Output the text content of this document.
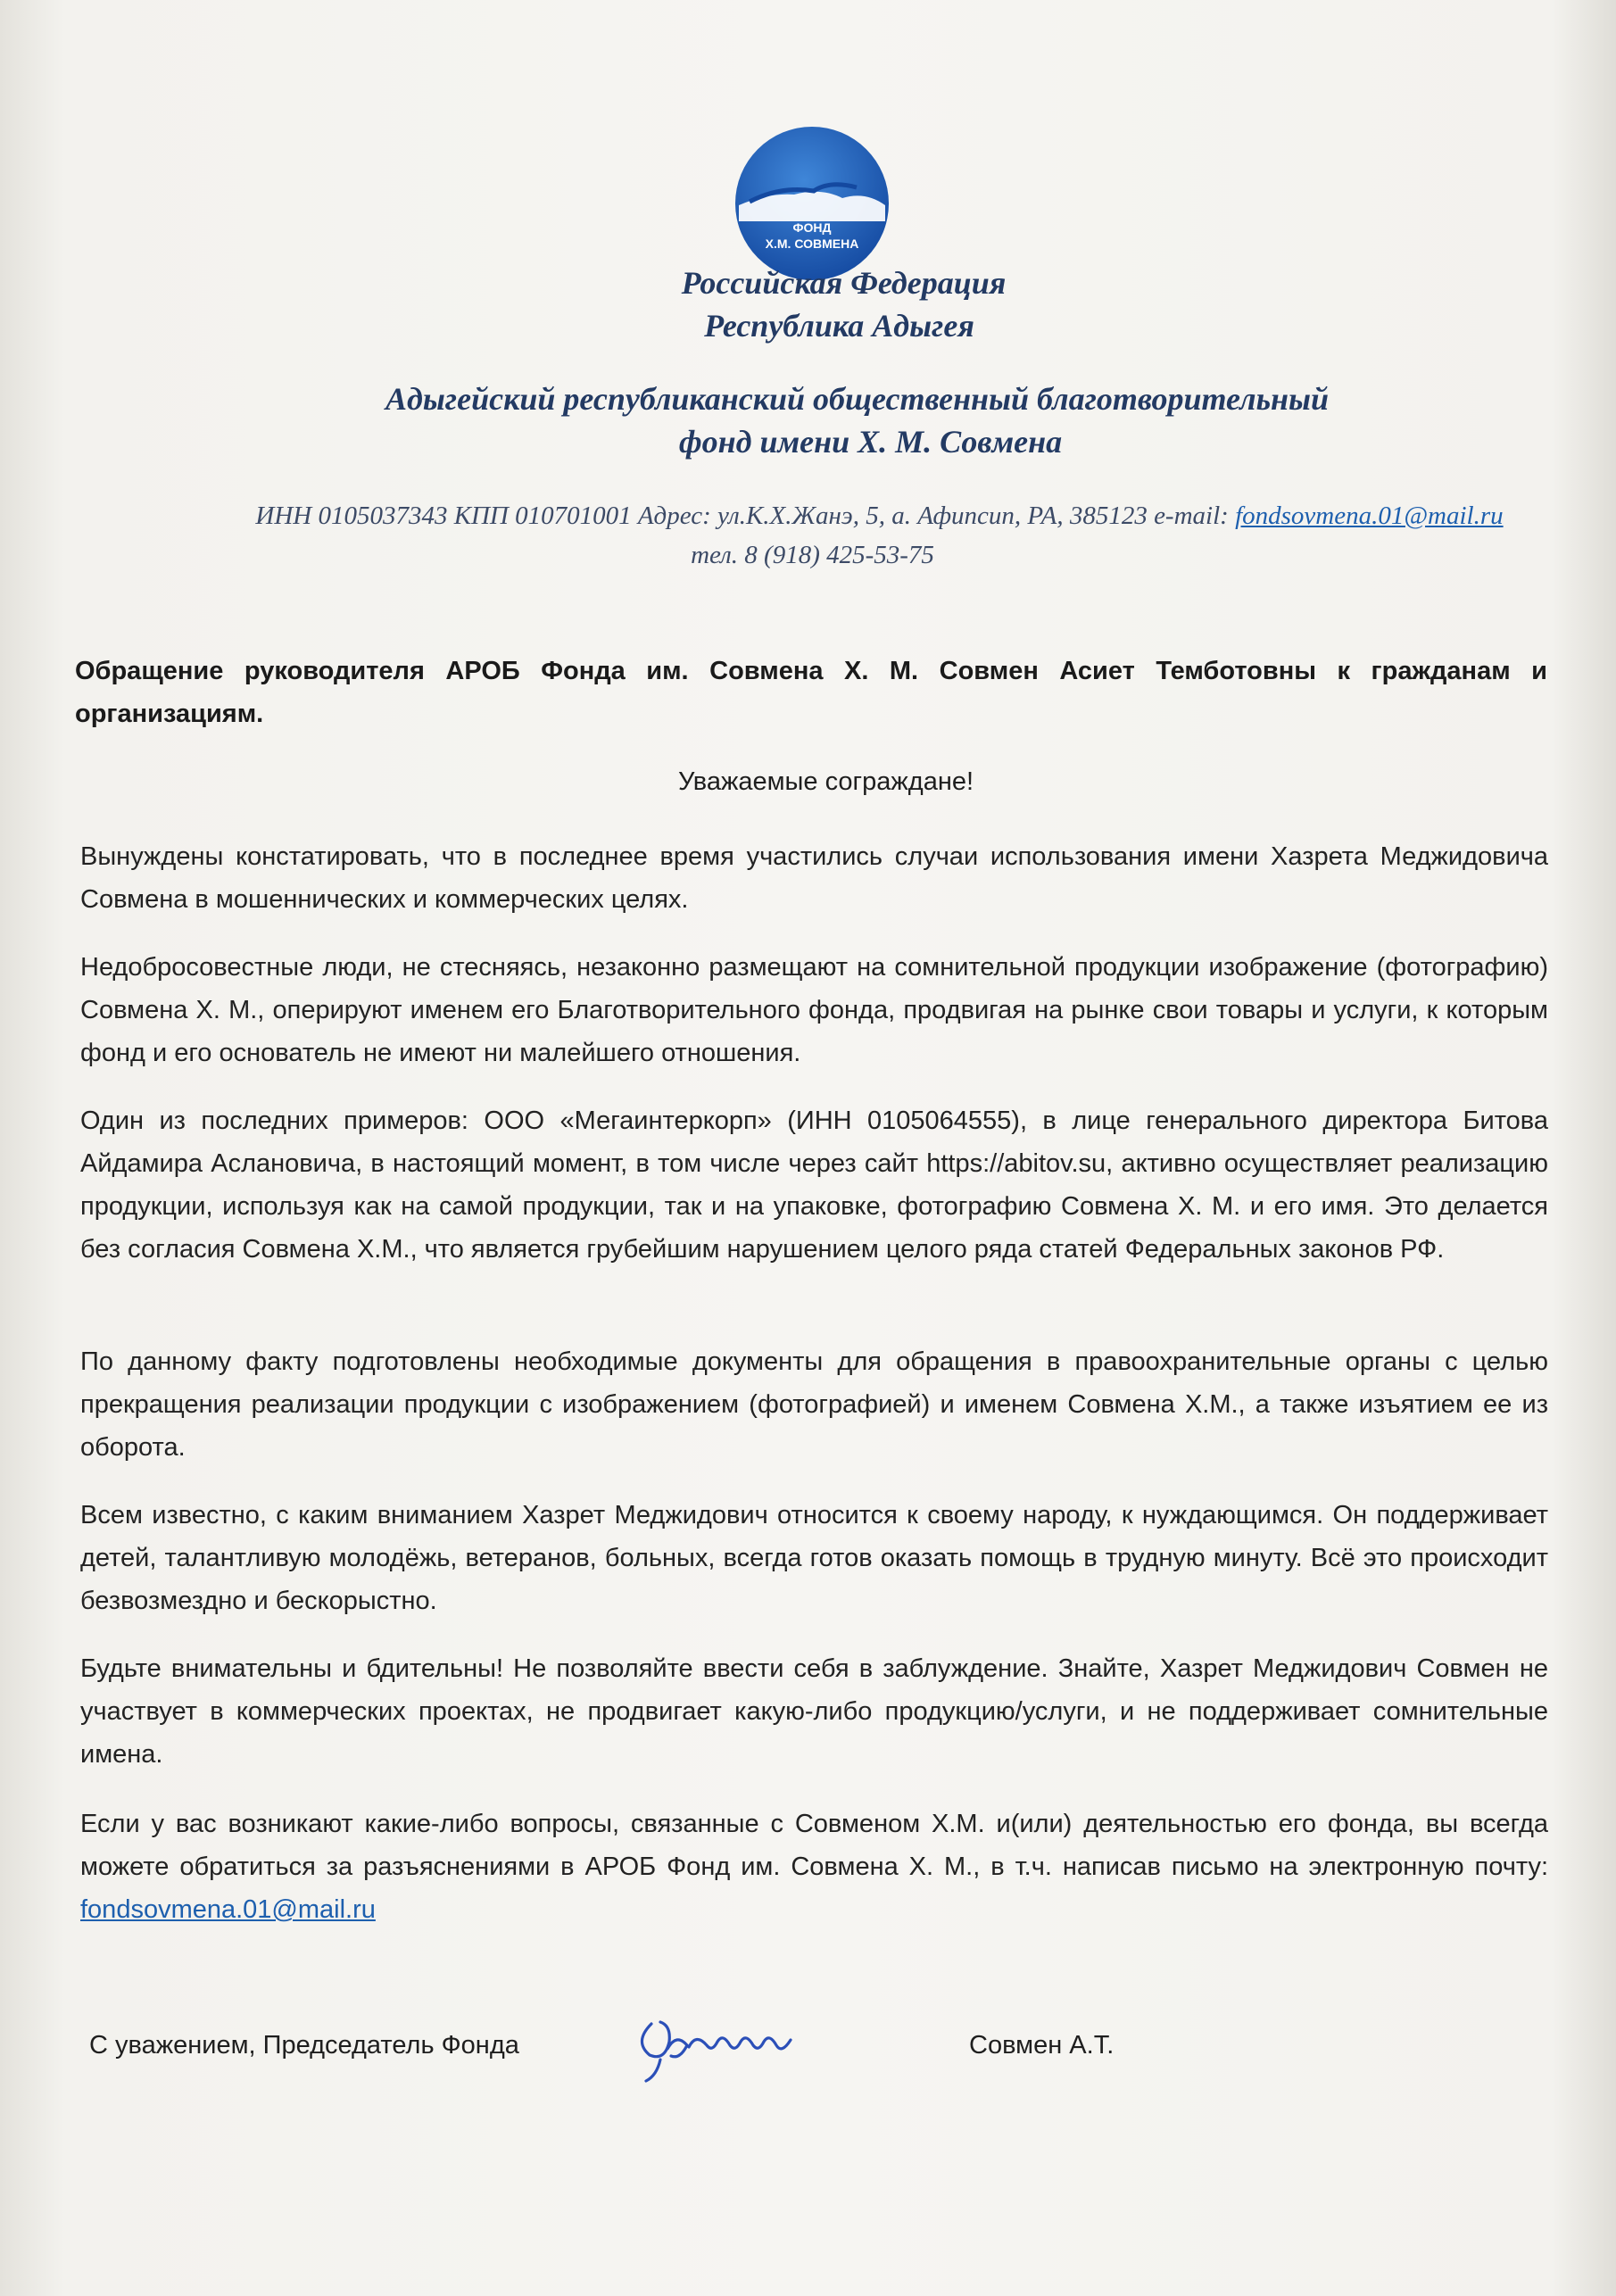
ФОНД
Х.М. СОВМЕНА
Российская Федерация
Республика Адыгея
Адыгейский республиканский общественный благотворительный
фонд имени Х. М. Совмена
ИНН 0105037343 КПП 010701001 Адрес: ул.К.Х.Жанэ, 5, а. Афипсип, РА, 385123 e-mail: fondsovmena.01@mail.ru
тел. 8 (918) 425-53-75
Обращение руководителя АРОБ Фонда им. Совмена Х. М. Совмен Асиет Темботовны к гражданам и организациям.
Уважаемые сограждане!
Вынуждены констатировать, что в последнее время участились случаи использования имени Хазрета Меджидовича Совмена в мошеннических и коммерческих целях.
Недобросовестные люди, не стесняясь, незаконно размещают на сомнительной продукции изображение (фотографию) Совмена Х. М., оперируют именем его Благотворительного фонда, продвигая на рынке свои товары и услуги, к которым фонд и его основатель не имеют ни малейшего отношения.
Один из последних примеров: ООО «Мегаинтеркорп» (ИНН 0105064555), в лице генерального директора Битова Айдамира Аслановича, в настоящий момент, в том числе через сайт https://abitov.su, активно осуществляет реализацию продукции, используя как на самой продукции, так и на упаковке, фотографию Совмена Х. М. и его имя. Это делается без согласия Совмена Х.М., что является грубейшим нарушением целого ряда статей Федеральных законов РФ.
По данному факту подготовлены необходимые документы для обращения в правоохранительные органы с целью прекращения реализации продукции с изображением (фотографией) и именем Совмена Х.М., а также изъятием ее из оборота.
Всем известно, с каким вниманием Хазрет Меджидович относится к своему народу, к нуждающимся. Он поддерживает детей, талантливую молодёжь, ветеранов, больных, всегда готов оказать помощь в трудную минуту. Всё это происходит безвозмездно и бескорыстно.
Будьте внимательны и бдительны! Не позволяйте ввести себя в заблуждение. Знайте, Хазрет Меджидович Совмен не участвует в коммерческих проектах, не продвигает какую-либо продукцию/услуги, и не поддерживает сомнительные имена.
Если у вас возникают какие-либо вопросы, связанные с Совменом Х.М. и(или) деятельностью его фонда, вы всегда можете обратиться за разъяснениями в АРОБ Фонд им. Совмена Х. М., в т.ч. написав письмо на электронную почту: fondsovmena.01@mail.ru
С уважением, Председатель Фонда	Совмен А.Т.
